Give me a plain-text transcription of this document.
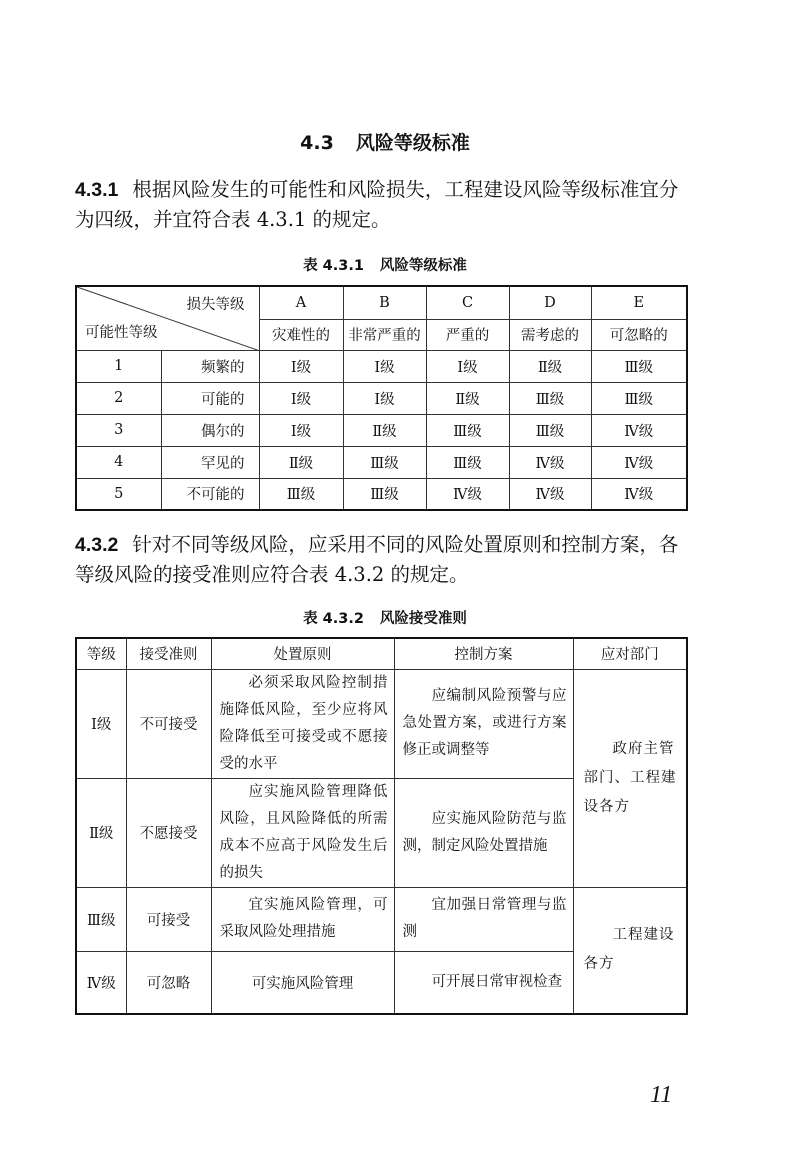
4.3 风险等级标准
4.3.1 根据风险发生的可能性和风险损失，工程建设风险等级标准宜分为四级，并宜符合表 4.3.1 的规定。
表 4.3.1 风险等级标准
损失等级
可能性等级		A	B	C	D	E
		灾难性的	非常严重的	严重的	需考虑的	可忽略的
1	频繁的	Ⅰ级	Ⅰ级	Ⅰ级	Ⅱ级	Ⅲ级
2	可能的	Ⅰ级	Ⅰ级	Ⅱ级	Ⅲ级	Ⅲ级
3	偶尔的	Ⅰ级	Ⅱ级	Ⅲ级	Ⅲ级	Ⅳ级
4	罕见的	Ⅱ级	Ⅲ级	Ⅲ级	Ⅳ级	Ⅳ级
5	不可能的	Ⅲ级	Ⅲ级	Ⅳ级	Ⅳ级	Ⅳ级
4.3.2 针对不同等级风险，应采用不同的风险处置原则和控制方案，各等级风险的接受准则应符合表 4.3.2 的规定。
表 4.3.2 风险接受准则
等级	接受准则	处置原则	控制方案	应对部门
Ⅰ级	不可接受	必须采取风险控制措施降低风险，至少应将风险降低至可接受或不愿接受的水平	应编制风险预警与应急处置方案，或进行方案修正或调整等	政府主管部门、工程建设各方
Ⅱ级	不愿接受	应实施风险管理降低风险，且风险降低的所需成本不应高于风险发生后的损失	应实施风险防范与监测，制定风险处置措施	
Ⅲ级	可接受	宜实施风险管理，可采取风险处理措施	宜加强日常管理与监测	工程建设各方
Ⅳ级	可忽略	可实施风险管理	可开展日常审视检查	
11
